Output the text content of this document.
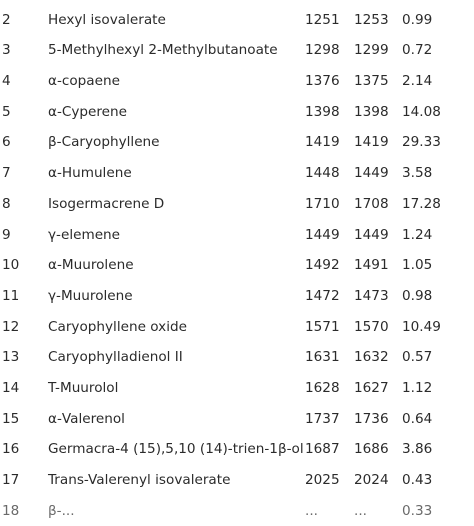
2	Hexyl isovalerate	1251 1253 0.99
3	5-Methylhexyl 2-Methylbutanoate 1298 1299 0.72
4	α-copaene	1376 1375 2.14
5	α-Cyperene	1398 1398 14.08
6	β-Caryophyllene	1419 1419 29.33
7	α-Humulene	1448 1449 3.58
8	Isogermacrene D	1710 1708 17.28
9	γ-elemene	1449 1449 1.24
10 α-Muurolene	1492 1491 1.05
11 γ-Muurolene	1472 1473 0.98
12 Caryophyllene oxide	1571 1570 10.49
13 Caryophylladienol II	1631 1632 0.57
14 T-Muurolol	1628 1627 1.12
15 α-Valerenol	1737 1736 0.64
16 Germacra-4 (15),5,10 (14)-trien-1β-ol 1687 1686 3.86
17 Trans-Valerenyl isovalerate	2025 2024 0.43
18 β-...	...	...	0.33
